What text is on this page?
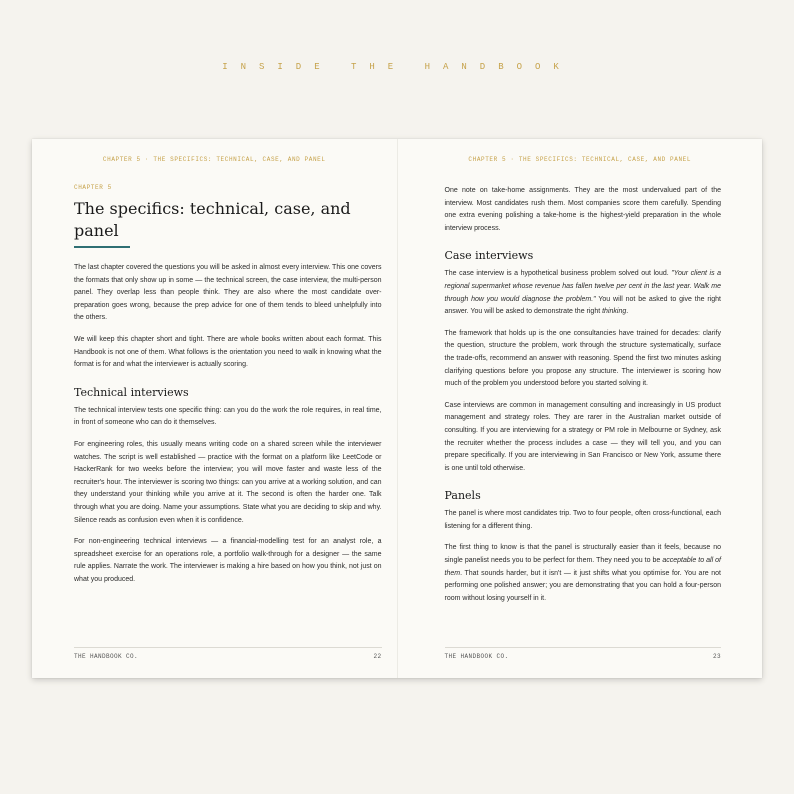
INSIDE THE HANDBOOK
CHAPTER 5 · THE SPECIFICS: TECHNICAL, CASE, AND PANEL
CHAPTER 5
The specifics: technical, case, and panel

The last chapter covered the questions you will be asked in almost every interview. This one covers the formats that only show up in some — the technical screen, the case interview, the multi-person panel. They overlap less than people think. They are also where the most candidate over-preparation goes wrong, because the prep advice for one of them tends to bleed unhelpfully into the others.

We will keep this chapter short and tight. There are whole books written about each format. This Handbook is not one of them. What follows is the orientation you need to walk in knowing what the format is for and what the interviewer is actually scoring.

Technical interviews

The technical interview tests one specific thing: can you do the work the role requires, in real time, in front of someone who can do it themselves.

For engineering roles, this usually means writing code on a shared screen while the interviewer watches. The script is well established — practice with the format on a platform like LeetCode or HackerRank for two weeks before the interview; you will move faster and waste less of the recruiter's hour. The interviewer is scoring two things: can you arrive at a working solution, and can they understand your thinking while you arrive at it. The second is often the harder one. Talk through what you are doing. Name your assumptions. State what you are deciding to skip and why. Silence reads as confusion even when it is confidence.

For non-engineering technical interviews — a financial-modelling test for an analyst role, a spreadsheet exercise for an operations role, a portfolio walk-through for a designer — the same rule applies. Narrate the work. The interviewer is making a hire based on how you think, not just on what you produced.

THE HANDBOOK CO.	22
CHAPTER 5 · THE SPECIFICS: TECHNICAL, CASE, AND PANEL

One note on take-home assignments. They are the most undervalued part of the interview. Most candidates rush them. Most companies score them carefully. Spending one extra evening polishing a take-home is the highest-yield preparation in the whole interview process.

Case interviews

The case interview is a hypothetical business problem solved out loud. "Your client is a regional supermarket whose revenue has fallen twelve per cent in the last year. Walk me through how you would diagnose the problem." You will not be asked to give the right answer. You will be asked to demonstrate the right thinking.

The framework that holds up is the one consultancies have trained for decades: clarify the question, structure the problem, work through the structure systematically, surface the trade-offs, recommend an answer with reasoning. Spend the first two minutes asking clarifying questions before you propose any structure. The interviewer is scoring how much of the problem you understood before you started solving it.

Case interviews are common in management consulting and increasingly in US product management and strategy roles. They are rarer in the Australian market outside of consulting. If you are interviewing for a strategy or PM role in Melbourne or Sydney, ask the recruiter whether the process includes a case — they will tell you, and you can prepare specifically. If you are interviewing in San Francisco or New York, assume there is one until told otherwise.

Panels

The panel is where most candidates trip. Two to four people, often cross-functional, each listening for a different thing.

The first thing to know is that the panel is structurally easier than it feels, because no single panelist needs you to be perfect for them. They need you to be acceptable to all of them. That sounds harder, but it isn't — it just shifts what you optimise for. You are not performing one polished answer; you are demonstrating that you can hold a four-person room without losing yourself in it.

THE HANDBOOK CO.	23
